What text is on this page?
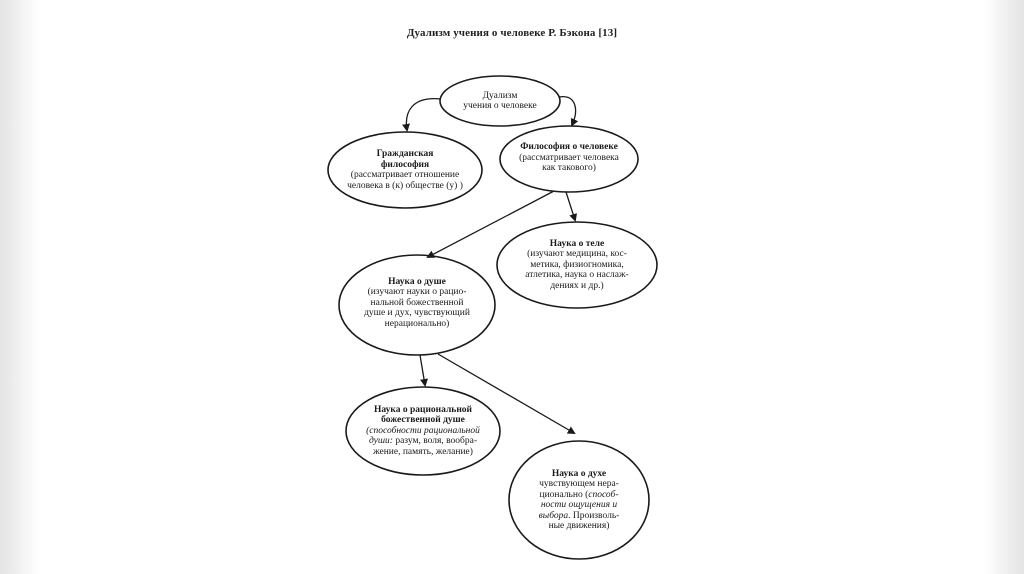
Дуализм учения о человеке Р. Бэкона [13]
Дуализм
учения о человеке
Гражданская
философия
(рассматривает отношение
человека в (к) обществе (у) )
Философия о человеке
(рассматривает человека
как такового)
Наука о теле
(изучают медицина, кос-
метика, физиогномика,
атлетика, наука о наслаж-
дениях и др.)
Наука о душе
(изучают науки о рацио-
нальной божественной
душе и дух, чувствующий
нерационально)
Наука о рациональной
божественной душе
(способности рациональной
души: разум, воля, вообра-
жение, память, желание)
Наука о духе
чувствующем нера-
ционально (способ-
ности ощущения и
выбора. Произволь-
ные движения)
